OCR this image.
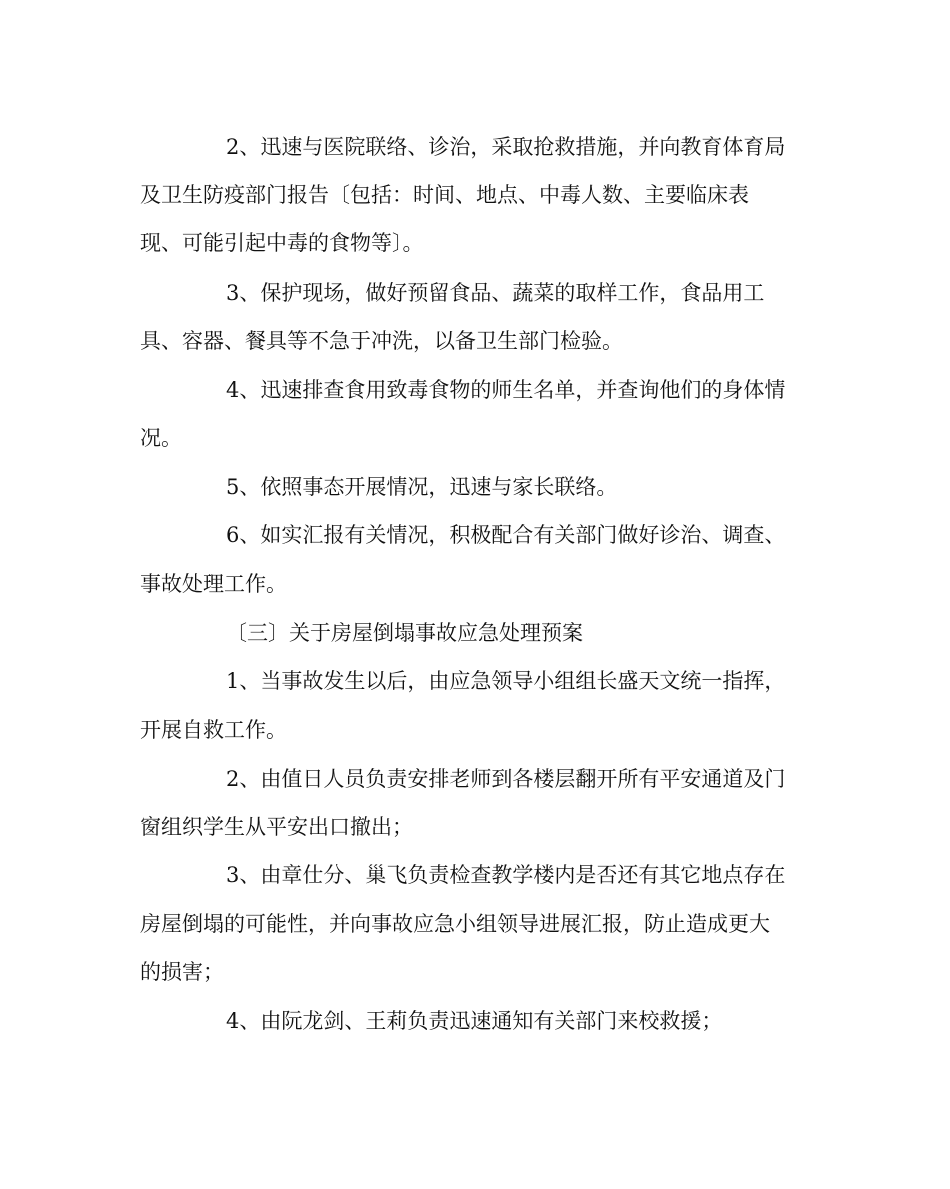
2、迅速与医院联络、诊治，采取抢救措施，并向教育体育局

及卫生防疫部门报告〔包括：时间、地点、中毒人数、主要临床表

现、可能引起中毒的食物等〕。

3、保护现场，做好预留食品、蔬菜的取样工作，食品用工

具、容器、餐具等不急于冲洗，以备卫生部门检验。

4、迅速排查食用致毒食物的师生名单，并查询他们的身体情

况。

5、依照事态开展情况，迅速与家长联络。

6、如实汇报有关情况，积极配合有关部门做好诊治、调查、

事故处理工作。

〔三〕关于房屋倒塌事故应急处理预案

1、当事故发生以后，由应急领导小组组长盛天文统一指挥，

开展自救工作。

2、由值日人员负责安排老师到各楼层翻开所有平安通道及门

窗组织学生从平安出口撤出；

3、由章仕分、巢飞负责检查教学楼内是否还有其它地点存在

房屋倒塌的可能性，并向事故应急小组领导进展汇报，防止造成更大

的损害；

4、由阮龙剑、王莉负责迅速通知有关部门来校救援；
